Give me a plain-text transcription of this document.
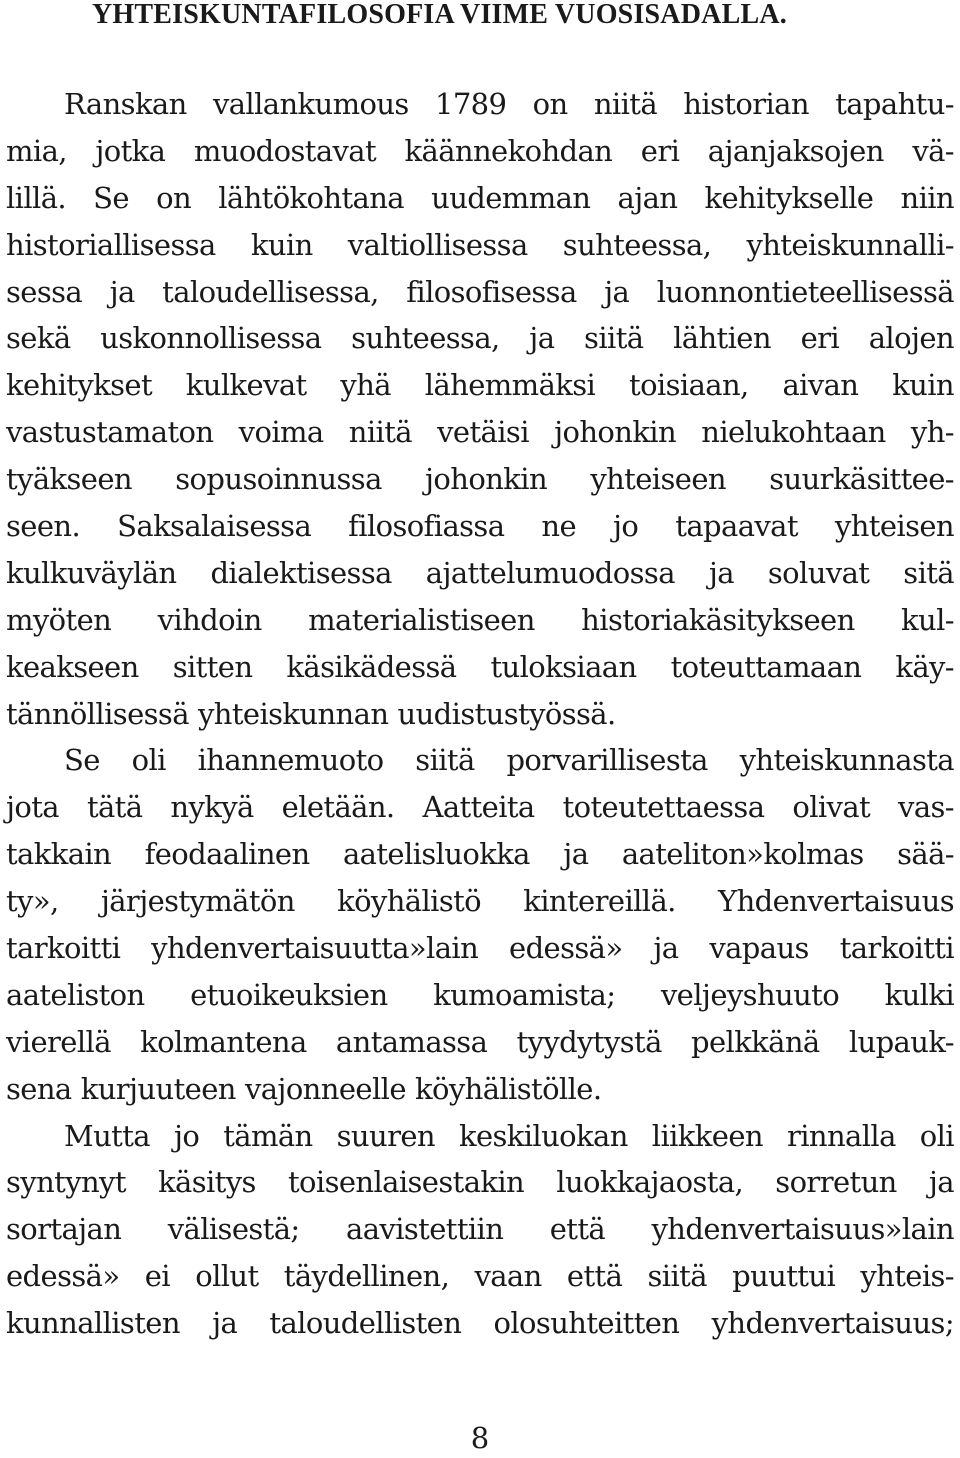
YHTEISKUNTAFILOSOFIA VIIME VUOSISADALLA.
Ranskan vallankumous 1789 on niitä historian tapahtu-
mia, jotka muodostavat käännekohdan eri ajanjaksojen vä-
lillä. Se on lähtökohtana uudemman ajan kehitykselle niin
historiallisessa kuin valtiollisessa suhteessa, yhteiskunnalli-
sessa ja taloudellisessa, filosofisessa ja luonnontieteellisessä
sekä uskonnollisessa suhteessa, ja siitä lähtien eri alojen
kehitykset kulkevat yhä lähemmäksi toisiaan, aivan kuin
vastustamaton voima niitä vetäisi johonkin nielukohtaan yh-
tyäkseen sopusoinnussa johonkin yhteiseen suurkäsittee-
seen. Saksalaisessa filosofiassa ne jo tapaavat yhteisen
kulkuväylän dialektisessa ajattelumuodossa ja soluvat sitä
myöten vihdoin materialistiseen historiakäsitykseen kul-
keakseen sitten käsikädessä tuloksiaan toteuttamaan käy-
tännöllisessä yhteiskunnan uudistustyössä.
Se oli ihannemuoto siitä porvarillisesta yhteiskunnasta
jota tätä nykyä eletään. Aatteita toteutettaessa olivat vas-
takkain feodaalinen aatelisluokka ja aateliton»kolmas sää-
ty», järjestymätön köyhälistö kintereillä. Yhdenvertaisuus
tarkoitti yhdenvertaisuutta»lain edessä» ja vapaus tarkoitti
aateliston etuoikeuksien kumoamista; veljeyshuuto kulki
vierellä kolmantena antamassa tyydytystä pelkkänä lupauk-
sena kurjuuteen vajonneelle köyhälistölle.
Mutta jo tämän suuren keskiluokan liikkeen rinnalla oli
syntynyt käsitys toisenlaisestakin luokkajaosta, sorretun ja
sortajan välisestä; aavistettiin että yhdenvertaisuus»lain
edessä» ei ollut täydellinen, vaan että siitä puuttui yhteis-
kunnallisten ja taloudellisten olosuhteitten yhdenvertaisuus;
8
